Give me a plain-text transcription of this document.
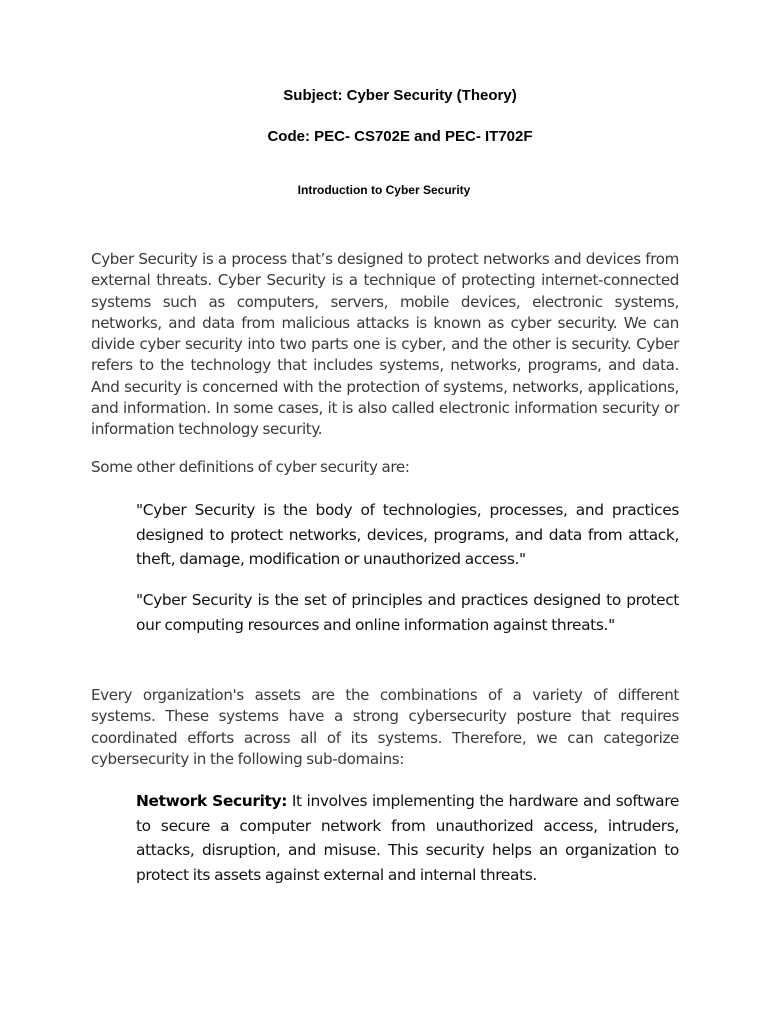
Subject: Cyber Security (Theory)

Code: PEC- CS702E and PEC- IT702F

Introduction to Cyber Security

Cyber Security is a process that’s designed to protect networks and devices from external threats. Cyber Security is a technique of protecting internet-connected systems such as computers, servers, mobile devices, electronic systems, networks, and data from malicious attacks is known as cyber security. We can divide cyber security into two parts one is cyber, and the other is security. Cyber refers to the technology that includes systems, networks, programs, and data. And security is concerned with the protection of systems, networks, applications, and information. In some cases, it is also called electronic information security or information technology security.

Some other definitions of cyber security are:

"Cyber Security is the body of technologies, processes, and practices designed to protect networks, devices, programs, and data from attack, theft, damage, modification or unauthorized access."

"Cyber Security is the set of principles and practices designed to protect our computing resources and online information against threats."

Every organization's assets are the combinations of a variety of different systems. These systems have a strong cybersecurity posture that requires coordinated efforts across all of its systems. Therefore, we can categorize cybersecurity in the following sub-domains:

Network Security: It involves implementing the hardware and software to secure a computer network from unauthorized access, intruders, attacks, disruption, and misuse. This security helps an organization to protect its assets against external and internal threats.
